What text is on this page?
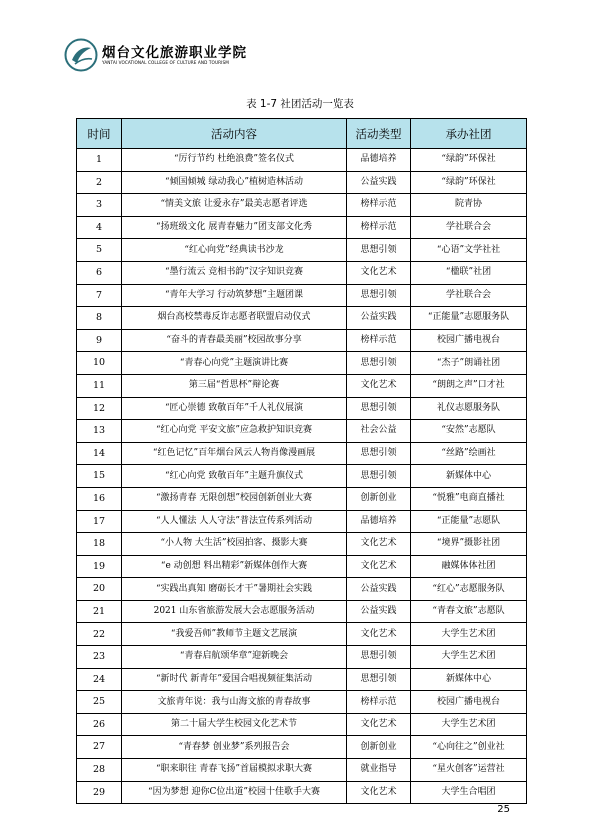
烟台文化旅游职业学院
YANTAI VOCATIONAL COLLEGE OF CULTURE AND TOURISM
表 1-7 社团活动一览表
时间	活动内容	活动类型	承办社团
1	“厉行节约 杜绝浪费”签名仪式	品德培养	“绿韵”环保社
2	“倾国倾城 绿动我心”植树造林活动	公益实践	“绿韵”环保社
3	“情美文旅 让爱永存”最美志愿者评选	榜样示范	院青协
4	“扬班级文化 展青春魅力”团支部文化秀	榜样示范	学社联合会
5	“红心向党”经典读书沙龙	思想引领	“心语”文学社社
6	“墨行流云 竞相书韵”汉字知识竞赛	文化艺术	“楹联”社团
7	“青年大学习 行动筑梦想”主题团课	思想引领	学社联合会
8	烟台高校禁毒反诈志愿者联盟启动仪式	公益实践	“正能量”志愿服务队
9	“奋斗的青春最美丽”校园故事分享	榜样示范	校园广播电视台
10	“青春心向党”主题演讲比赛	思想引领	“杰子”朗诵社团
11	第三届“哲思杯”辩论赛	文化艺术	“朗朗之声”口才社
12	“匠心崇德 致敬百年”千人礼仪展演	思想引领	礼仪志愿服务队
13	“红心向党 平安文旅”应急救护知识竞赛	社会公益	“安然”志愿队
14	“红色记忆”百年烟台风云人物肖像漫画展	思想引领	“丝路”绘画社
15	“红心向党 致敬百年”主题升旗仪式	思想引领	新媒体中心
16	“激扬青春 无限创想”校园创新创业大赛	创新创业	“悦雅”电商直播社
17	“人人懂法 人人守法”普法宣传系列活动	品德培养	“正能量”志愿队
18	“小人物 大生活”校园拍客、摄影大赛	文化艺术	“境界”摄影社团
19	“e 动创想 料出精彩”新媒体创作大赛	文化艺术	融媒体体社团
20	“实践出真知 磨砺长才干”暑期社会实践	公益实践	“红心”志愿服务队
21	2021 山东省旅游发展大会志愿服务活动	公益实践	“青春文旅”志愿队
22	“我爱吾师”教师节主题文艺展演	文化艺术	大学生艺术团
23	“青春启航颂华章”迎新晚会	思想引领	大学生艺术团
24	“新时代 新青年”爱国合唱视频征集活动	思想引领	新媒体中心
25	文旅青年说：我与山海文旅的青春故事	榜样示范	校园广播电视台
26	第二十届大学生校园文化艺术节	文化艺术	大学生艺术团
27	“青春梦 创业梦”系列报告会	创新创业	“心向往之”创业社
28	“职来职往 青春飞扬”首届模拟求职大赛	就业指导	“星火创客”运营社
29	“因为梦想 迎你C位出道”校园十佳歌手大赛	文化艺术	大学生合唱团
25
